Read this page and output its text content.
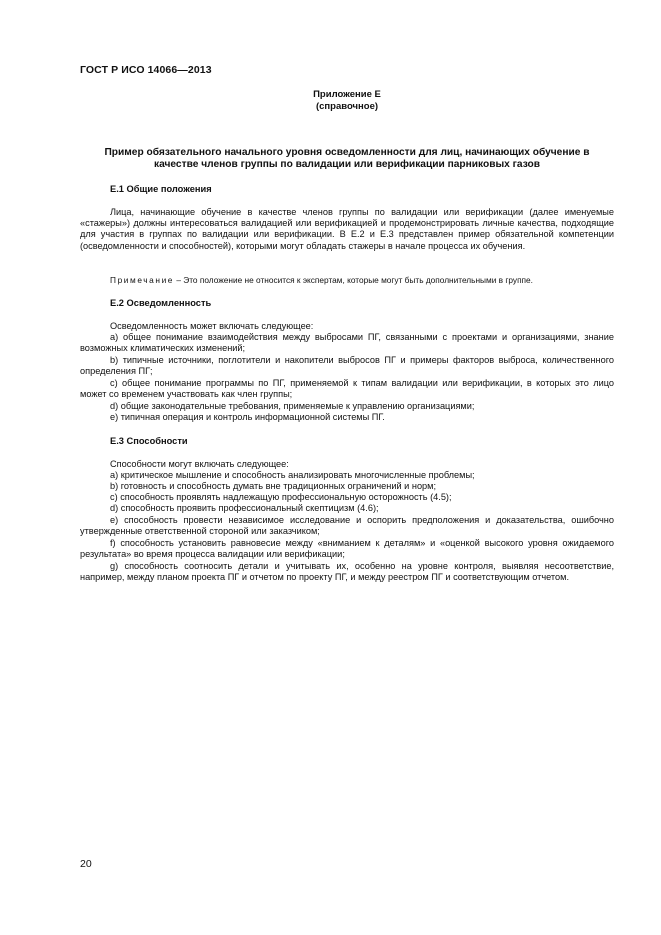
ГОСТ Р ИСО 14066—2013
Приложение Е
(справочное)
Пример обязательного начального уровня осведомленности для лиц, начинающих обучение в
качестве членов группы по валидации или верификации парниковых газов
Е.1 Общие положения
Лица, начинающие обучение в качестве членов группы по валидации или верификации (далее именуемые «стажеры») должны интересоваться валидацией или верификацией и продемонстрировать личные качества, подходящие для участия в группах по валидации или верификации. В Е.2 и Е.3 представлен пример обязательной компетенции (осведомленности и способностей), которыми могут обладать стажеры в начале процесса их обучения.
Примечание – Это положение не относится к экспертам, которые могут быть дополнительными в группе.
Е.2 Осведомленность
Осведомленность может включать следующее:
a) общее понимание взаимодействия между выбросами ПГ, связанными с проектами и организациями, знание возможных климатических изменений;
b) типичные источники, поглотители и накопители выбросов ПГ и примеры факторов выброса, количественного определения ПГ;
c) общее понимание программы по ПГ, применяемой к типам валидации или верификации, в которых это лицо может со временем участвовать как член группы;
d) общие законодательные требования, применяемые к управлению организациями;
e) типичная операция и контроль информационной системы ПГ.
Е.3 Способности
Способности могут включать следующее:
a) критическое мышление и способность анализировать многочисленные проблемы;
b) готовность и способность думать вне традиционных ограничений и норм;
c) способность проявлять надлежащую профессиональную осторожность (4.5);
d) способность проявить профессиональный скептицизм (4.6);
e) способность провести независимое исследование и оспорить предположения и доказательства, ошибочно утвержденные ответственной стороной или заказчиком;
f) способность установить равновесие между «вниманием к деталям» и «оценкой высокого уровня ожидаемого результата» во время процесса валидации или верификации;
g) способность соотносить детали и учитывать их, особенно на уровне контроля, выявляя несоответствие, например, между планом проекта ПГ и отчетом по проекту ПГ, и между реестром ПГ и соответствующим отчетом.
20
